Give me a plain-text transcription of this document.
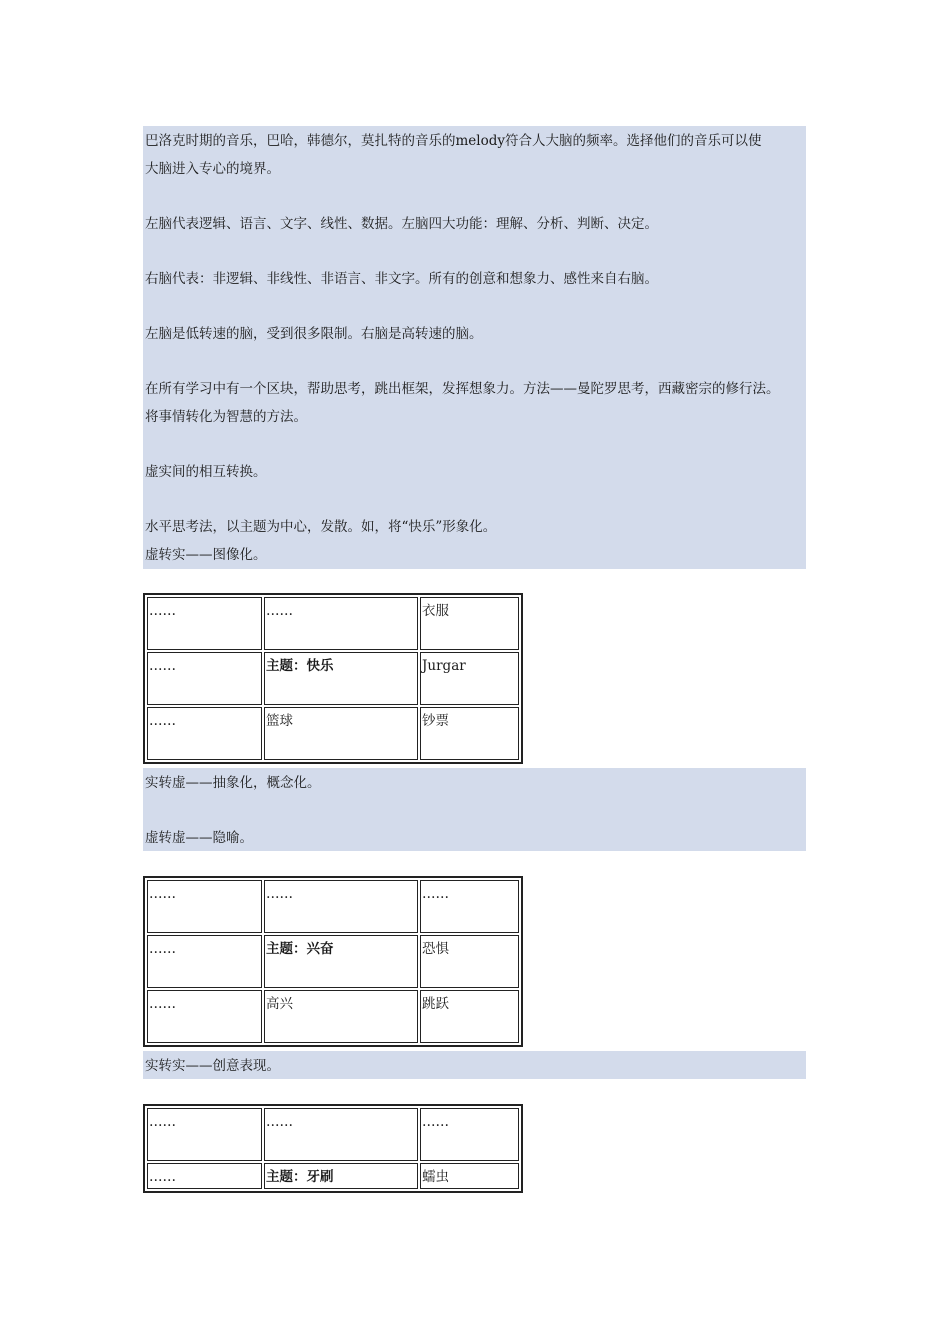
巴洛克时期的音乐，巴哈，韩德尔，莫扎特的音乐的melody符合人大脑的频率。选择他们的音乐可以使
大脑进入专心的境界。
左脑代表逻辑、语言、文字、线性、数据。左脑四大功能：理解、分析、判断、决定。
右脑代表：非逻辑、非线性、非语言、非文字。所有的创意和想象力、感性来自右脑。
左脑是低转速的脑，受到很多限制。右脑是高转速的脑。
在所有学习中有一个区块，帮助思考，跳出框架，发挥想象力。方法——曼陀罗思考，西藏密宗的修行法。
将事情转化为智慧的方法。
虚实间的相互转换。
水平思考法，以主题为中心，发散。如，将“快乐”形象化。
虚转实——图像化。
……	……	衣服
……	主题：快乐	Jurgar
……	篮球	钞票
实转虚——抽象化，概念化。
虚转虚——隐喻。
……	……	……
……	主题：兴奋	恐惧
……	高兴	跳跃
实转实——创意表现。
……	……	……
……	主题：牙刷	蠕虫
